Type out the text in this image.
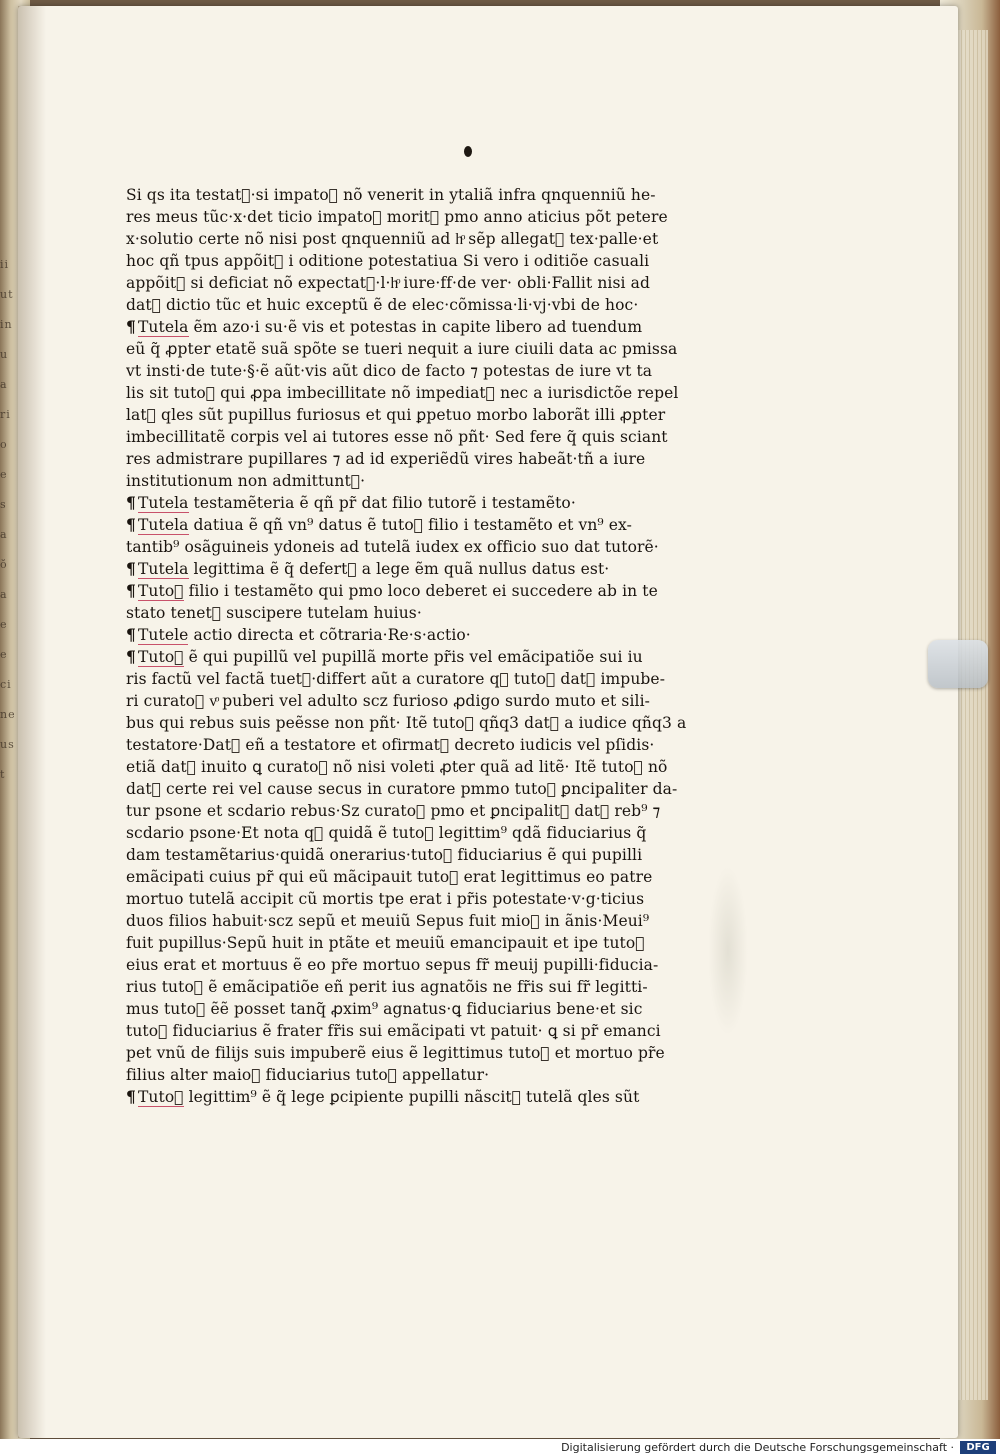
ii
ut
in
u
a
ri
o
e
s
a
ŏ
a
e
e
ci
ne
us
t
Si qs ita testat᷑·si impato᷑ nõ venerit in ytaliã infra qnquenniũ he-
res meus tũc·x·det ticio impato᷑ morit᷑ pmo anno aticius põt petere
x·solutio certe nõ nisi post qnquenniũ ad hͦ sẽp allegat᷑ tex·palle·et
hoc qñ tpus appõit᷑ i oditione potestatiua Si vero i oditiõe casuali
appõit᷑ si deficiat nõ expectat᷑·l·hͦ iure·ff·de ver· obli·Fallit nisi ad
dat᷑ dictio tũc et huic exceptũ ẽ de elec·cõmissa·li·vj·vbi de hoc·
¶ Tutela ẽm azo·i su·ẽ vis et potestas in capite libero ad tuendum
eũ q̃ ꝓpter etatẽ suã spõte se tueri nequit a iure ciuili data ac pmissa
vt insti·de tute·§·ẽ aũt·vis aũt dico de facto ⁊ potestas de iure vt ta
lis sit tuto᷑ qui ꝓpa imbecillitate nõ impediat᷑ nec a iurisdictõe repel
lat᷑ qles sũt pupillus furiosus et qui ꝑpetuo morbo laborãt illi ꝓpter
imbecillitatẽ corpis vel ai tutores esse nõ pñt· Sed fere q̃ quis sciant
res admistrare pupillares ⁊ ad id experiẽdũ vires habeãt·tñ a iure
institutionum non admittunt᷑·
¶ Tutela testamẽteria ẽ qñ pr̃ dat filio tutorẽ i testamẽto·
¶ Tutela datiua ẽ qñ vn⁹ datus ẽ tuto᷑ filio i testamẽto et vn⁹ ex-
tantib⁹ osãguineis ydoneis ad tutelã iudex ex officio suo dat tutorẽ·
¶ Tutela legittima ẽ q̃ defert᷑ a lege ẽm quã nullus datus est·
¶ Tuto᷑ filio i testamẽto qui pmo loco deberet ei succedere ab in te
stato tenet᷑ suscipere tutelam huius·
¶ Tutele actio directa et cõtraria·Re·s·actio·
¶ Tuto᷑ ẽ qui pupillũ vel pupillã morte pr̃is vel emãcipatiõe sui iu
ris factũ vel factã tuet᷑·differt aũt a curatore q᷑ tuto᷑ dat᷑ impube-
ri curato᷑ vͦ puberi vel adulto scz furioso ꝓdigo surdo muto et sili-
bus qui rebus suis peẽsse non pñt· Itẽ tuto᷑ qñq3 dat᷑ a iudice qñq3 a
testatore·Dat᷑ eñ a testatore et ofirmat᷑ decreto iudicis vel pſidis·
etiã dat᷑ inuito ꝗ curato᷑ nõ nisi voleti ꝓter quã ad litẽ· Itẽ tuto᷑ nõ
dat᷑ certe rei vel cause secus in curatore pmmo tuto᷑ ꝑncipaliter da-
tur psone et scdario rebus·Sz curato᷑ pmo et ꝑncipalit᷑ dat᷑ reb⁹ ⁊
scdario psone·Et nota q᷑ quidã ẽ tuto᷑ legittim⁹ qdã fiduciarius q̃
dam testamẽtarius·quidã onerarius·tuto᷑ fiduciarius ẽ qui pupilli
emãcipati cuius pr̃ qui eũ mãcipauit tuto᷑ erat legittimus eo patre
mortuo tutelã accipit cũ mortis tpe erat i pr̃is potestate·v·g·ticius
duos filios habuit·scz sepũ et meuiũ Sepus fuit mio᷑ in ãnis·Meui⁹
fuit pupillus·Sepũ huit in ptãte et meuiũ emancipauit et ipe tuto᷑
eius erat et mortuus ẽ eo pr̃e mortuo sepus fr̃ meuij pupilli·fiducia-
rius tuto᷑ ẽ emãcipatiõe eñ perit ius agnatõis ne fr̃is sui fr̃ legitti-
mus tuto᷑ ẽẽ posset tanq̃ ꝓxim⁹ agnatus·ꝗ fiduciarius bene·et sic
tuto᷑ fiduciarius ẽ frater fr̃is sui emãcipati vt patuit· ꝗ si pr̃ emanci
pet vnũ de filijs suis impuberẽ eius ẽ legittimus tuto᷑ et mortuo pr̃e
filius alter maio᷑ fiduciarius tuto᷑ appellatur·
¶ Tuto᷑ legittim⁹ ẽ q̃ lege ꝑcipiente pupilli nãscit᷑ tutelã qles sũt
Digitalisierung gefördert durch die Deutsche Forschungsgemeinschaft ·	DFG
